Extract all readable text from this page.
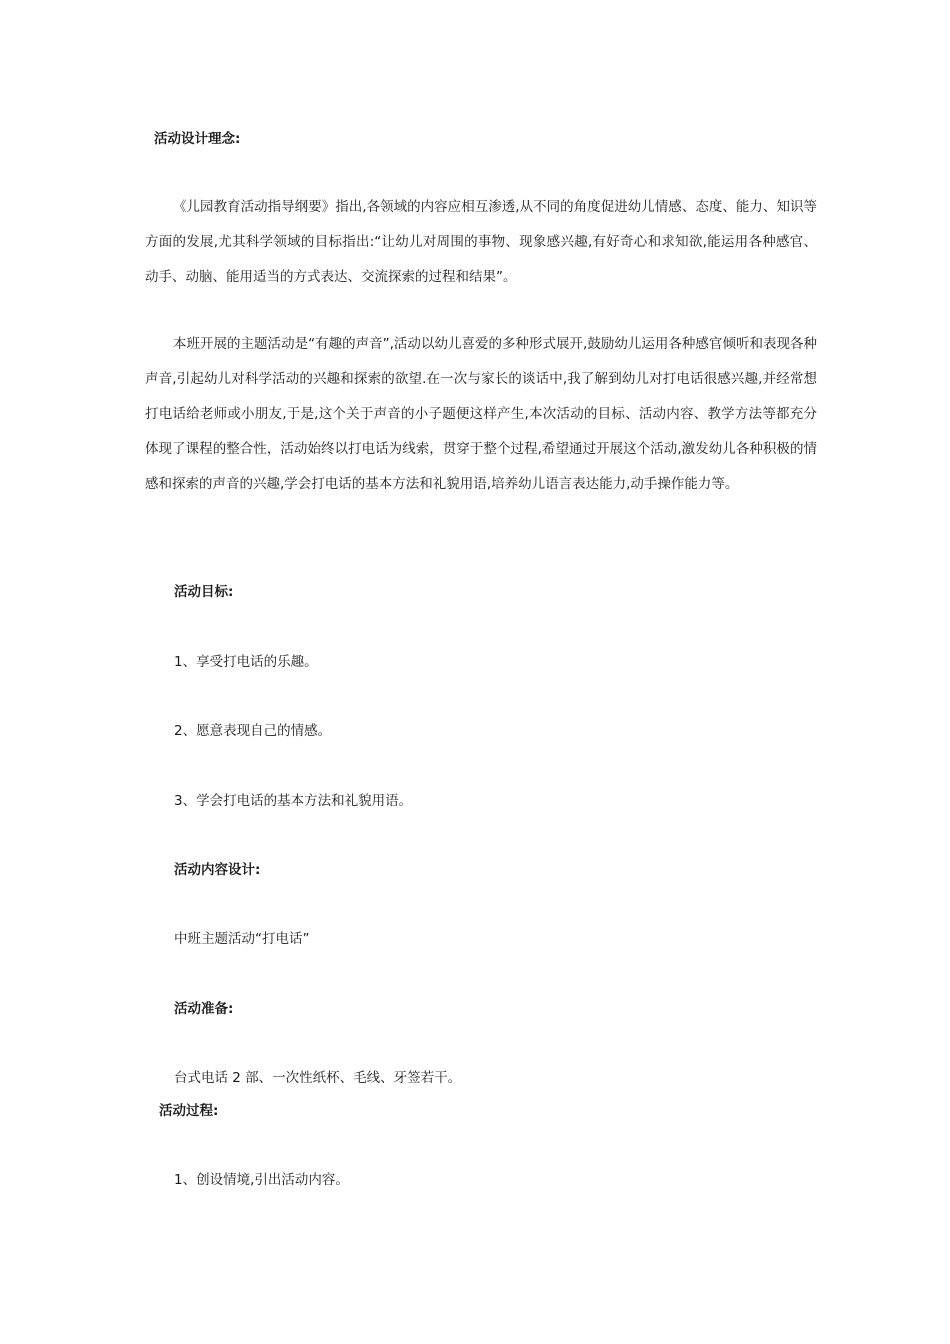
活动设计理念:

《儿园教育活动指导纲要》指出,各领域的内容应相互渗透,从不同的角度促进幼儿情感、态度、能力、知识等方面的发展,尤其科学领域的目标指出:“让幼儿对周围的事物、现象感兴趣,有好奇心和求知欲,能运用各种感官、动手、动脑、能用适当的方式表达、交流探索的过程和结果”。

本班开展的主题活动是“有趣的声音”,活动以幼儿喜爱的多种形式展开,鼓励幼儿运用各种感官倾听和表现各种声音,引起幼儿对科学活动的兴趣和探索的欲望.在一次与家长的谈话中,我了解到幼儿对打电话很感兴趣,并经常想打电话给老师或小朋友,于是,这个关于声音的小子题便这样产生,本次活动的目标、活动内容、教学方法等都充分体现了课程的整合性，活动始终以打电话为线索，贯穿于整个过程,希望通过开展这个活动,激发幼儿各种积极的情感和探索的声音的兴趣,学会打电话的基本方法和礼貌用语,培养幼儿语言表达能力,动手操作能力等。

活动目标:
1、享受打电话的乐趣。
2、愿意表现自己的情感。
3、学会打电话的基本方法和礼貌用语。
活动内容设计:
中班主题活动“打电话”
活动准备:
台式电话 2 部、一次性纸杯、毛线、牙签若干。
活动过程:
1、创设情境,引出活动内容。
